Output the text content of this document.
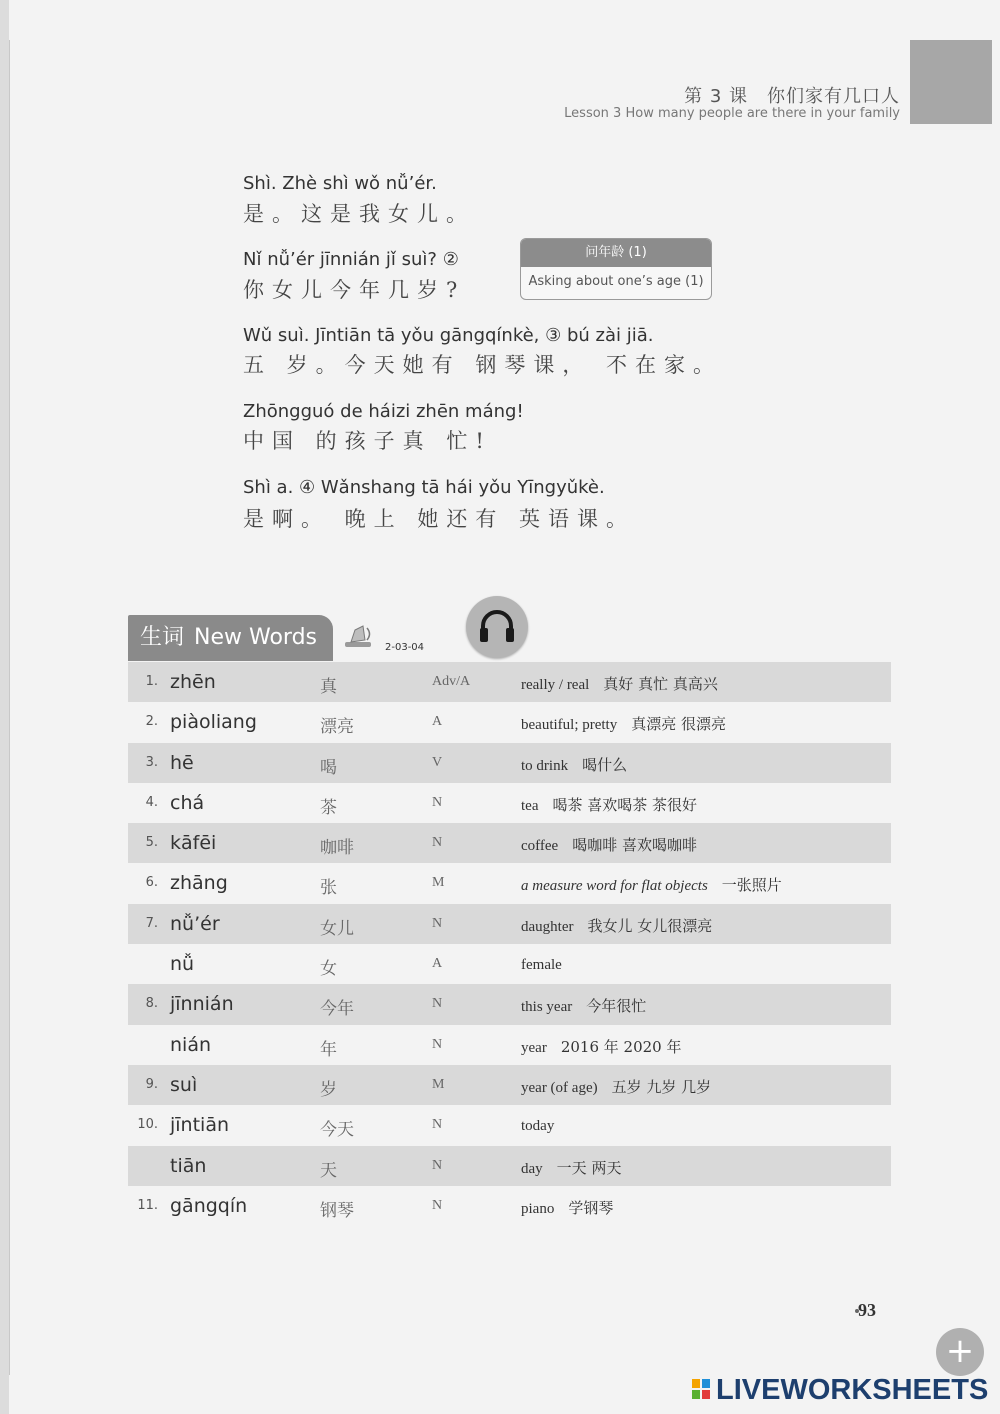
第 3 课　你们家有几口人
Lesson 3 How many people are there in your family
Shì. Zhè shì wǒ nǚ’ér.
是。这是我女儿。
Nǐ nǚ’ér jīnnián jǐ suì? ②
你女儿今年几岁?
Wǔ suì. Jīntiān tā yǒu gāngqínkè, ③ bú zài jiā.
五 岁。今天她有 钢琴课， 不在家。
Zhōngguó de háizi zhēn máng!
中国 的孩子真 忙!
Shì a. ④ Wǎnshang tā hái yǒu Yīngyǔkè.
是啊。 晚上 她还有 英语课。
问年龄 (1)
Asking about one’s age (1)
生词 New Words	2-03-04
1. zhēn	真	Adv/A	really / real 真好 真忙 真高兴
2. piàoliang	漂亮	A	beautiful; pretty 真漂亮 很漂亮
3. hē	喝	V	to drink 喝什么
4. chá	茶	N	tea 喝茶 喜欢喝茶 茶很好
5. kāfēi	咖啡	N	coffee 喝咖啡 喜欢喝咖啡
6. zhāng	张	M	a measure word for flat objects 一张照片
7. nǚ’ér	女儿	N	daughter 我女儿 女儿很漂亮
nǚ	女	A	female
8. jīnnián	今年	N	this year 今年很忙
nián	年	N	year 2016 年 2020 年
9. suì	岁	M	year (of age) 五岁 九岁 几岁
10. jīntiān	今天	N	today
tiān	天	N	day 一天 两天
11. gāngqín	钢琴	N	piano 学钢琴
93
+
LIVEWORKSHEETS
